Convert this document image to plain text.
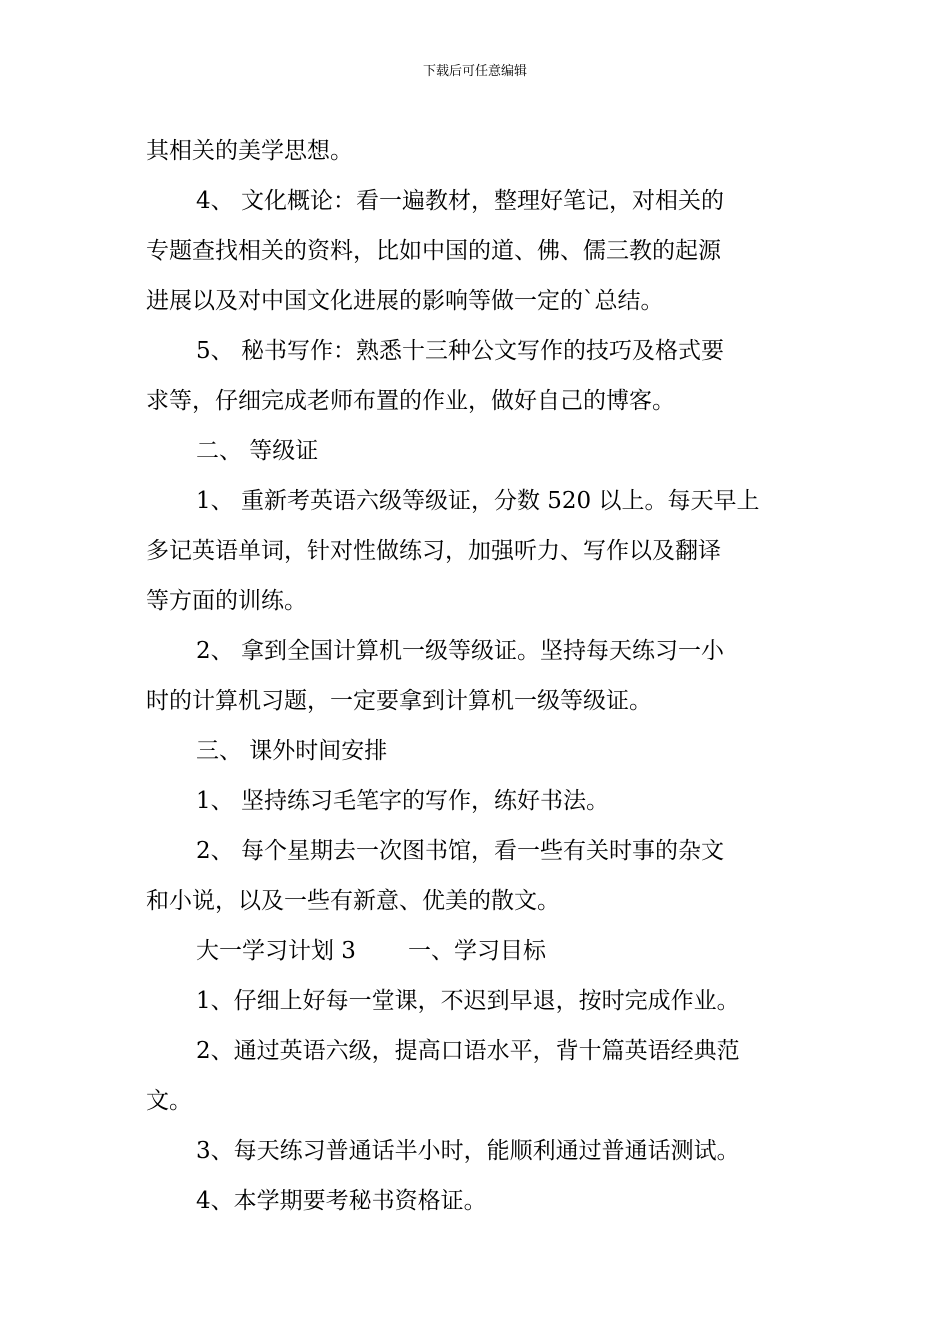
下载后可任意编辑
其相关的美学思想。
4、 文化概论：看一遍教材，整理好笔记，对相关的
专题查找相关的资料，比如中国的道、佛、儒三教的起源
进展以及对中国文化进展的影响等做一定的`总结。
5、 秘书写作：熟悉十三种公文写作的技巧及格式要
求等，仔细完成老师布置的作业，做好自己的博客。
二、 等级证
1、 重新考英语六级等级证，分数 520 以上。每天早上
多记英语单词，针对性做练习，加强听力、写作以及翻译
等方面的训练。
2、 拿到全国计算机一级等级证。坚持每天练习一小
时的计算机习题，一定要拿到计算机一级等级证。
三、 课外时间安排
1、 坚持练习毛笔字的写作，练好书法。
2、 每个星期去一次图书馆，看一些有关时事的杂文
和小说，以及一些有新意、优美的散文。
大一学习计划 3 一、学习目标
1、仔细上好每一堂课，不迟到早退，按时完成作业。
2、通过英语六级，提高口语水平，背十篇英语经典范
文。
3、每天练习普通话半小时，能顺利通过普通话测试。
4、本学期要考秘书资格证。
